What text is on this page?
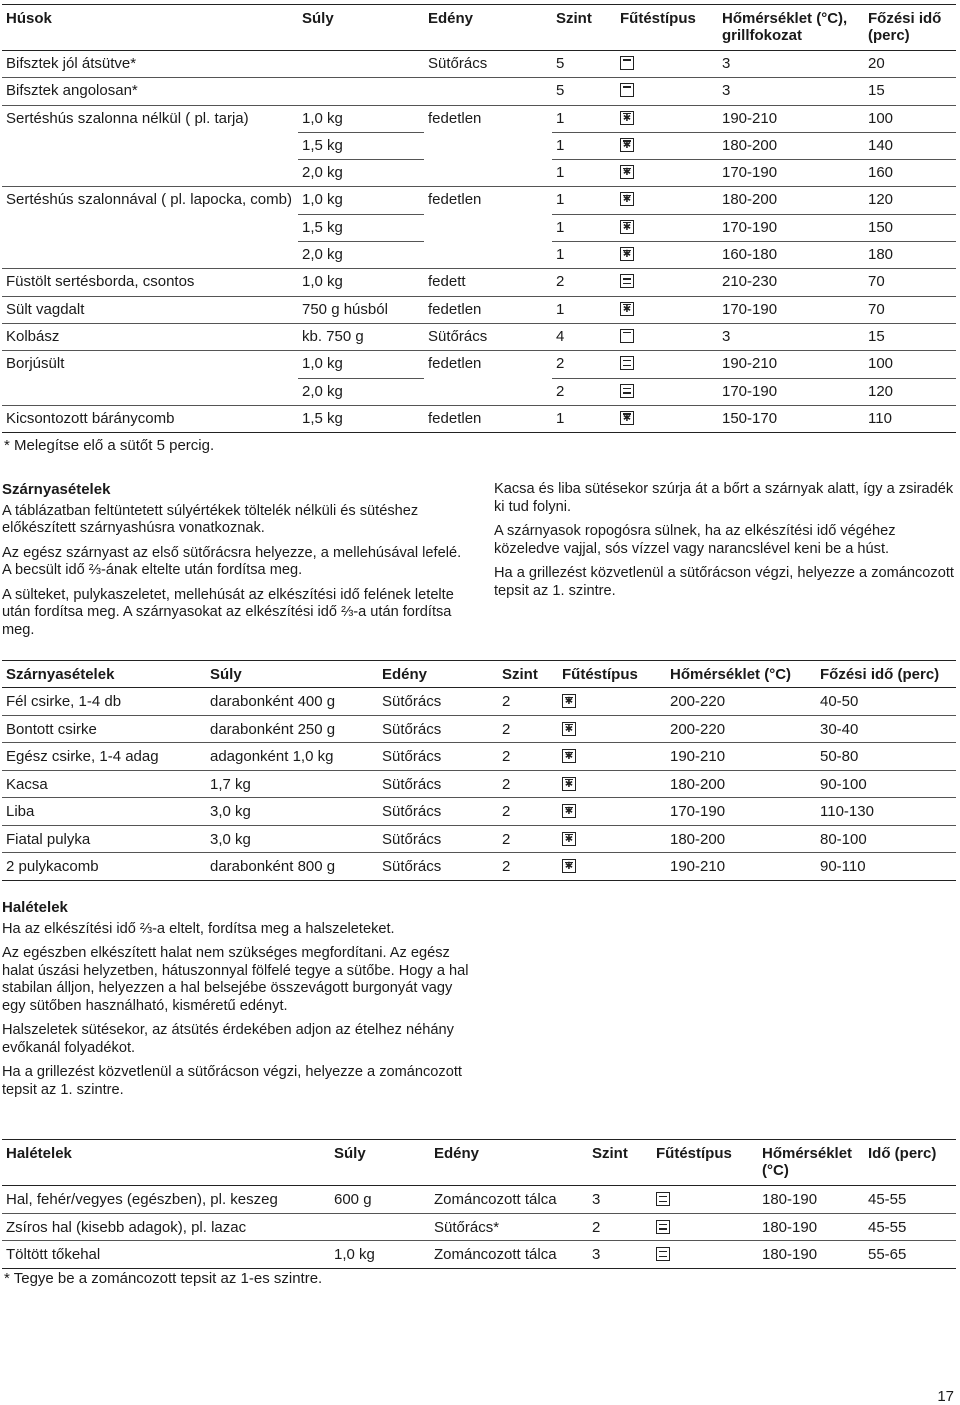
Húsok	Súly	Edény	Szint	Fűtéstípus	Hőmérséklet (°C), grillfokozat	Főzési idő (perc)
Bifsztek jól átsütve*		Sütőrács	5		3	20
Bifsztek angolosan*			5		3	15
Sertéshús szalonna nélkül ( pl. tarja)	1,0 kg	fedetlen	1	✱	190-210	100
	1,5 kg		1	✱	180-200	140
	2,0 kg		1	✱	170-190	160
Sertéshús szalonnával ( pl. lapocka, comb)	1,0 kg	fedetlen	1	✱	180-200	120
	1,5 kg		1	✱	170-190	150
	2,0 kg		1	✱	160-180	180
Füstölt sertésborda, csontos	1,0 kg	fedett	2		210-230	70
Sült vagdalt	750 g húsból	fedetlen	1	✱	170-190	70
Kolbász	kb. 750 g	Sütőrács	4		3	15
Borjúsült	1,0 kg	fedetlen	2		190-210	100
	2,0 kg		2		170-190	120
Kicsontozott báránycomb	1,5 kg	fedetlen	1	✱	150-170	110
* Melegítse elő a sütőt 5 percig.
Szárnyasételek

A táblázatban feltüntetett súlyértékek töltelék nélküli és sütéshez előkészített szárnyashúsra vonatkoznak.

Az egész szárnyast az első sütőrácsra helyezze, a mellehúsával lefelé. A becsült idő ⅔-ának eltelte után fordítsa meg.

A sülteket, pulykaszeletet, mellehúsát az elkészítési idő felének letelte után fordítsa meg. A szárnyasokat az elkészítési idő ⅔-a után fordítsa meg.

Kacsa és liba sütésekor szúrja át a bőrt a szárnyak alatt, így a zsiradék ki tud folyni.

A szárnyasok ropogósra sülnek, ha az elkészítési idő végéhez közeledve vajjal, sós vízzel vagy narancslével keni be a húst.

Ha a grillezést közvetlenül a sütőrácson végzi, helyezze a zománcozott tepsit az 1. szintre.

Szárnyasételek	Súly	Edény	Szint	Fűtéstípus	Hőmérséklet (°C)	Főzési idő (perc)
Fél csirke, 1-4 db	darabonként 400 g	Sütőrács	2	✱	200-220	40-50
Bontott csirke	darabonként 250 g	Sütőrács	2	✱	200-220	30-40
Egész csirke, 1-4 adag	adagonként 1,0 kg	Sütőrács	2	✱	190-210	50-80
Kacsa	1,7 kg	Sütőrács	2	✱	180-200	90-100
Liba	3,0 kg	Sütőrács	2	✱	170-190	110-130
Fiatal pulyka	3,0 kg	Sütőrács	2	✱	180-200	80-100
2 pulykacomb	darabonként 800 g	Sütőrács	2	✱	190-210	90-110
Halételek

Ha az elkészítési idő ⅔-a eltelt, fordítsa meg a halszeleteket.

Az egészben elkészített halat nem szükséges megfordítani. Az egész halat úszási helyzetben, hátuszonnyal fölfelé tegye a sütőbe. Hogy a hal stabilan álljon, helyezzen a hal belsejébe összevágott burgonyát vagy egy sütőben használható, kisméretű edényt.

Halszeletek sütésekor, az átsütés érdekében adjon az ételhez néhány evőkanál folyadékot.

Ha a grillezést közvetlenül a sütőrácson végzi, helyezze a zománcozott tepsit az 1. szintre.

Halételek	Súly	Edény	Szint	Fűtéstípus	Hőmérséklet (°C)	Idő (perc)
Hal, fehér/vegyes (egészben), pl. keszeg	600 g	Zománcozott tálca	3		180-190	45-55
Zsíros hal (kisebb adagok), pl. lazac		Sütőrács*	2		180-190	45-55
Töltött tőkehal	1,0 kg	Zománcozott tálca	3		180-190	55-65
* Tegye be a zománcozott tepsit az 1-es szintre.
17
